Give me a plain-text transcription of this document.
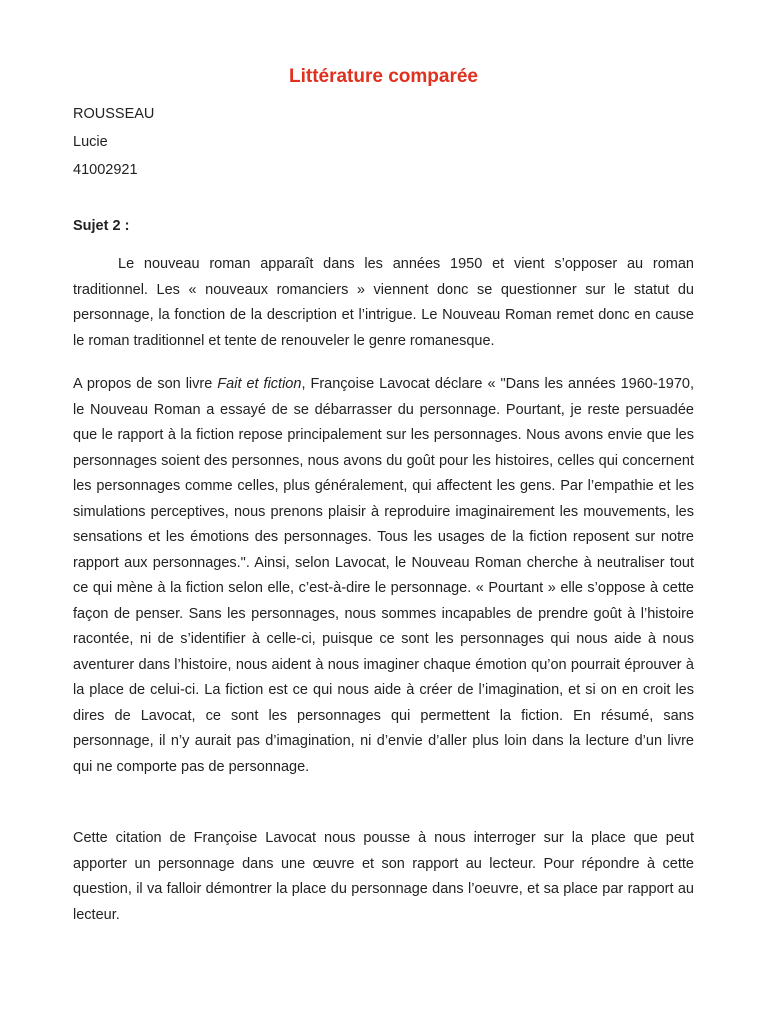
Littérature comparée

ROUSSEAU

Lucie

41002921

Sujet 2 :

Le nouveau roman apparaît dans les années 1950 et vient s’opposer au roman traditionnel. Les « nouveaux romanciers » viennent donc se questionner sur le statut du personnage, la fonction de la description et l’intrigue. Le Nouveau Roman remet donc en cause le roman traditionnel et tente de renouveler le genre romanesque.

A propos de son livre Fait et fiction, Françoise Lavocat déclare « "Dans les années 1960-1970, le Nouveau Roman a essayé de se débarrasser du personnage. Pourtant, je reste persuadée que le rapport à la fiction repose principalement sur les personnages. Nous avons envie que les personnages soient des personnes, nous avons du goût pour les histoires, celles qui concernent les personnages comme celles, plus généralement, qui affectent les gens. Par l’empathie et les simulations perceptives, nous prenons plaisir à reproduire imaginairement les mouvements, les sensations et les émotions des personnages. Tous les usages de la fiction reposent sur notre rapport aux personnages.". Ainsi, selon Lavocat, le Nouveau Roman cherche à neutraliser tout ce qui mène à la fiction selon elle, c’est-à-dire le personnage. « Pourtant » elle s’oppose à cette façon de penser. Sans les personnages, nous sommes incapables de prendre goût à l’histoire racontée, ni de s’identifier à celle-ci, puisque ce sont les personnages qui nous aide à nous aventurer dans l’histoire, nous aident à nous imaginer chaque émotion qu’on pourrait éprouver à la place de celui-ci. La fiction est ce qui nous aide à créer de l’imagination, et si on en croit les dires de Lavocat, ce sont les personnages qui permettent la fiction. En résumé, sans personnage, il n’y aurait pas d’imagination, ni d’envie d’aller plus loin dans la lecture d’un livre qui ne comporte pas de personnage.

Cette citation de Françoise Lavocat nous pousse à nous interroger sur la place que peut apporter un personnage dans une œuvre et son rapport au lecteur. Pour répondre à cette question, il va falloir démontrer la place du personnage dans l’oeuvre, et sa place par rapport au lecteur.
